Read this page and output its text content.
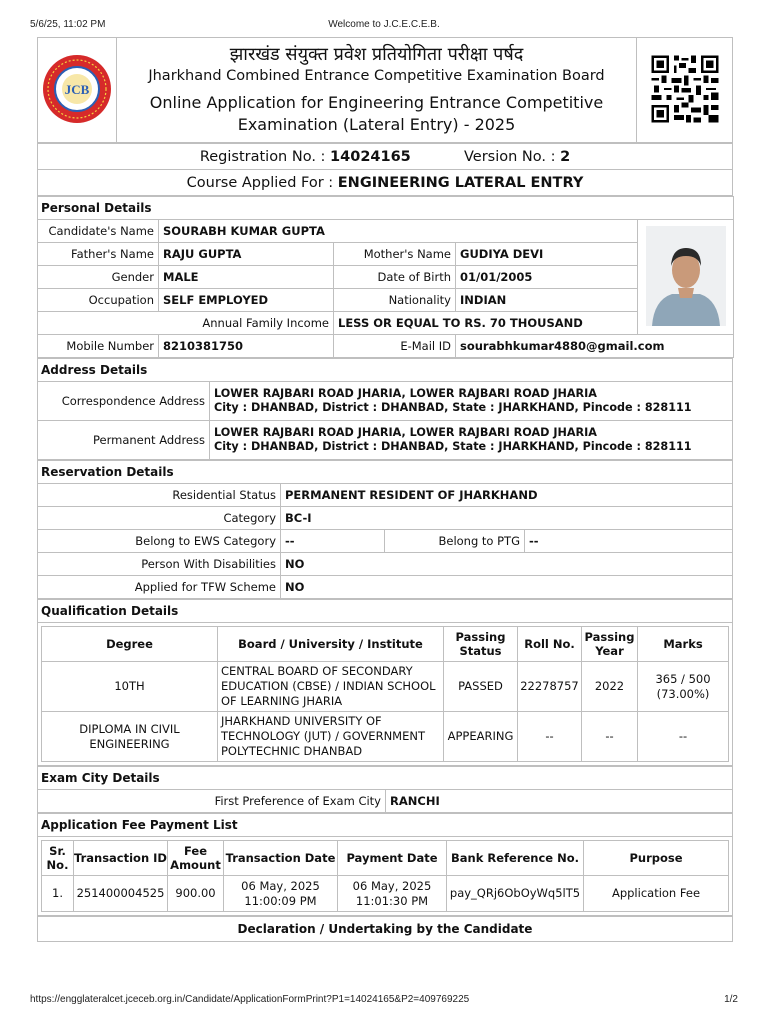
5/6/25, 11:02 PM	Welcome to J.C.E.C.E.B.
JCB

झारखंड संयुक्त प्रवेश प्रतियोगिता परीक्षा पर्षद
Jharkhand Combined Entrance Competitive Examination Board
Online Application for Engineering Entrance Competitive
Examination (Lateral Entry) - 2025

Registration No. : 14024165	Version No. : 2
Course Applied For : ENGINEERING LATERAL ENTRY
Personal Details				
Candidate's Name	SOURABH KUMAR GUPTA	
Father's Name	RAJU GUPTA	Mother's Name	GUDIYA DEVI	
Gender	MALE	Date of Birth	01/01/2005	
Occupation	SELF EMPLOYED	Nationality	INDIAN	
Annual Family Income		LESS OR EQUAL TO RS. 70 THOUSAND		
Mobile Number	8210381750	E-Mail ID	sourabhkumar4880@gmail.com	
Address Details	
Correspondence Address	LOWER RAJBARI ROAD JHARIA, LOWER RAJBARI ROAD JHARIA
City : DHANBAD, District : DHANBAD, State : JHARKHAND, Pincode : 828111

Permanent Address	LOWER RAJBARI ROAD JHARIA, LOWER RAJBARI ROAD JHARIA
City : DHANBAD, District : DHANBAD, State : JHARKHAND, Pincode : 828111
Reservation Details			
Residential Status	PERMANENT RESIDENT OF JHARKHAND		
Category	BC-I		
Belong to EWS Category	--	Belong to PTG	--
Person With Disabilities	NO		
Applied for TFW Scheme	NO		
Qualification Details

Degree	Board / University / Institute	Passing Status	Roll No.	Passing Year	Marks
10TH	CENTRAL BOARD OF SECONDARY EDUCATION (CBSE) / INDIAN SCHOOL OF LEARNING JHARIA	PASSED	22278757	2022	365 / 500 (73.00%)
DIPLOMA IN CIVIL ENGINEERING	JHARKHAND UNIVERSITY OF TECHNOLOGY (JUT) / GOVERNMENT POLYTECHNIC DHANBAD	APPEARING	--	--	--
Exam City Details
First Preference of Exam City	RANCHI
Application Fee Payment List

Sr. No.	Transaction ID	Fee Amount	Transaction Date	Payment Date	Bank Reference No.	Purpose
1.	251400004525	900.00	06 May, 2025 11:00:09 PM	06 May, 2025 11:01:30 PM	pay_QRj6ObOyWq5lT5	Application Fee
Declaration / Undertaking by the Candidate
https://engglateralcet.jceceb.org.in/Candidate/ApplicationFormPrint?P1=14024165&P2=409769225	1/2
